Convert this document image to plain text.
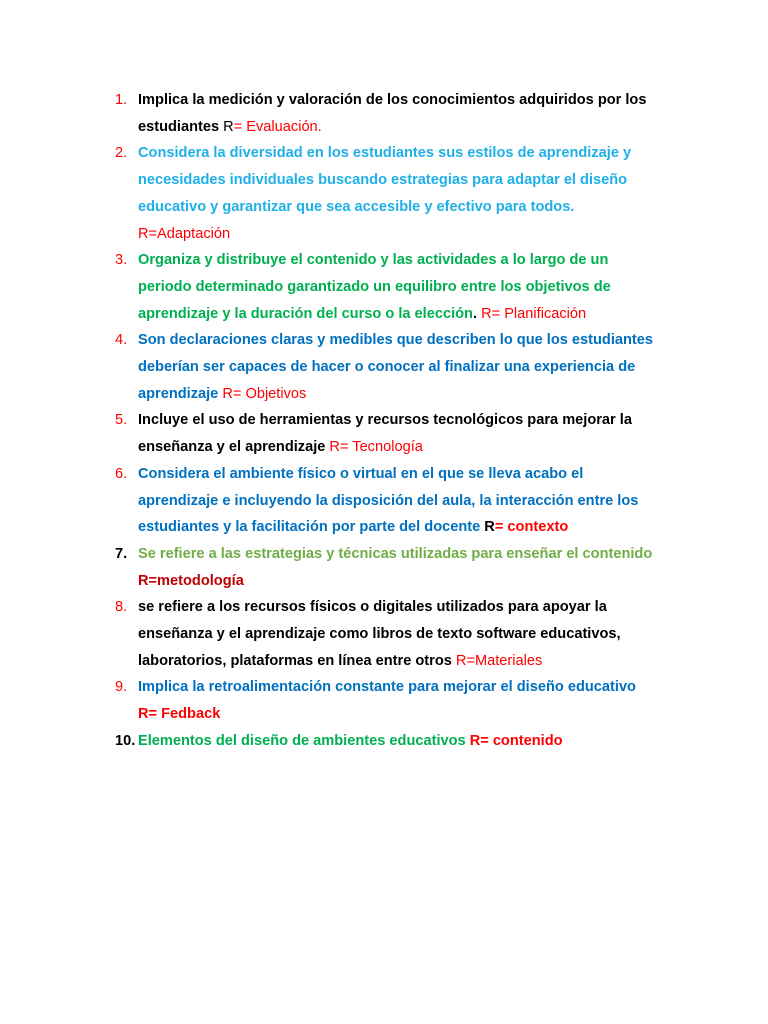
1. Implica la medición y valoración de los conocimientos adquiridos por los estudiantes R= Evaluación.
2. Considera la diversidad en los estudiantes sus estilos de aprendizaje y necesidades individuales buscando estrategias para adaptar el diseño educativo y garantizar que sea accesible y efectivo para todos.
R=Adaptación
3. Organiza y distribuye el contenido y las actividades a lo largo de un periodo determinado garantizado un equilibro entre los objetivos de aprendizaje y la duración del curso o la elección. R= Planificación
4. Son declaraciones claras y medibles que describen lo que los estudiantes deberían ser capaces de hacer o conocer al finalizar una experiencia de aprendizaje R= Objetivos
5. Incluye el uso de herramientas y recursos tecnológicos para mejorar la enseñanza y el aprendizaje R= Tecnología
6. Considera el ambiente físico o virtual en el que se lleva acabo el aprendizaje e incluyendo la disposición del aula, la interacción entre los estudiantes y la facilitación por parte del docente R= contexto
7. Se refiere a las estrategias y técnicas utilizadas para enseñar el contenido R=metodología
8. se refiere a los recursos físicos o digitales utilizados para apoyar la enseñanza y el aprendizaje como libros de texto software educativos, laboratorios, plataformas en línea entre otros R=Materiales
9. Implica la retroalimentación constante para mejorar el diseño educativo
R= Fedback
10. Elementos del diseño de ambientes educativos R= contenido
